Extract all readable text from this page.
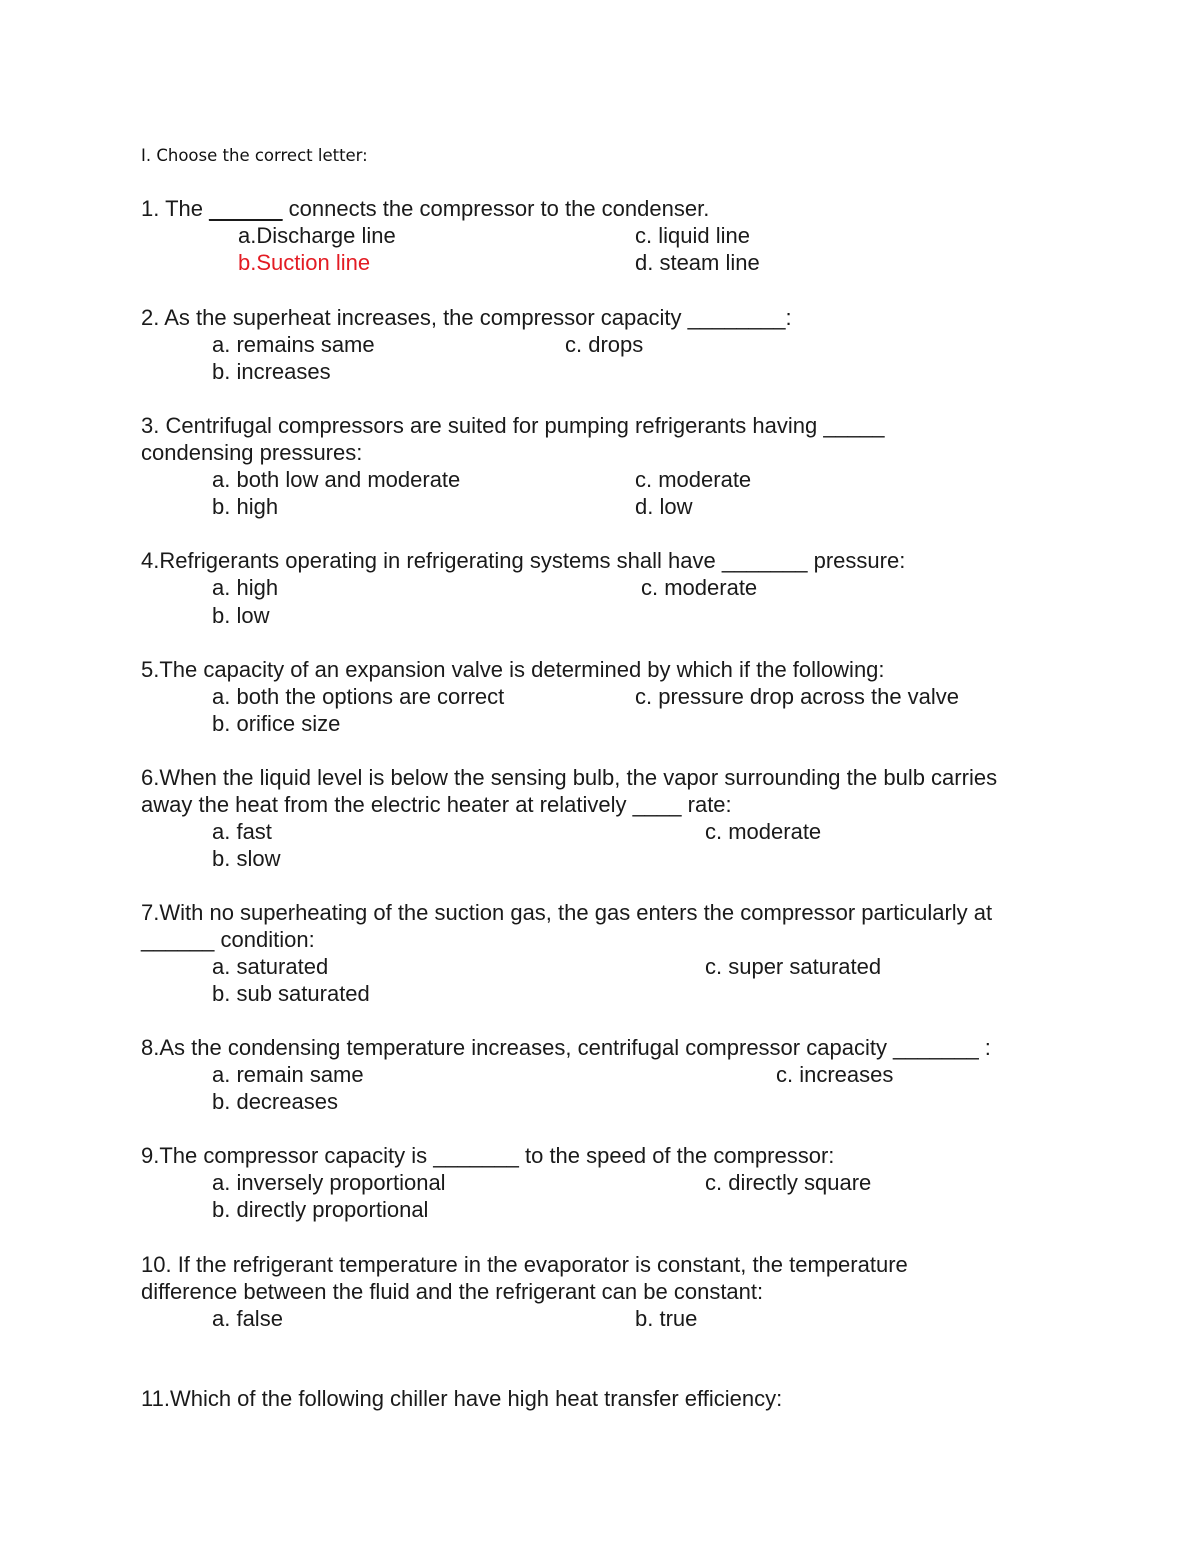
I. Choose the correct letter:
1. The ______ connects the compressor to the condenser.
a.Discharge line
b.Suction line
c. liquid line
d. steam line
2. As the superheat increases, the compressor capacity ________:
a. remains same
b. increases
c. drops
3. Centrifugal compressors are suited for pumping refrigerants having _____
condensing pressures:
a. both low and moderate
b. high
c. moderate
d. low
4.Refrigerants operating in refrigerating systems shall have _______ pressure:
a. high
b. low
c. moderate
5.The capacity of an expansion valve is determined by which if the following:
a. both the options are correct
b. orifice size
c. pressure drop across the valve
6.When the liquid level is below the sensing bulb, the vapor surrounding the bulb carries
away the heat from the electric heater at relatively ____ rate:
a. fast
b. slow
c. moderate
7.With no superheating of the suction gas, the gas enters the compressor particularly at
______ condition:
a. saturated
b. sub saturated
c. super saturated
8.As the condensing temperature increases, centrifugal compressor capacity _______ :
a. remain same
b. decreases
c. increases
9.The compressor capacity is _______ to the speed of the compressor:
a. inversely proportional
b. directly proportional
c. directly square
10. If the refrigerant temperature in the evaporator is constant, the temperature
difference between the fluid and the refrigerant can be constant:
a. false	b. true
11.Which of the following chiller have high heat transfer efficiency:
